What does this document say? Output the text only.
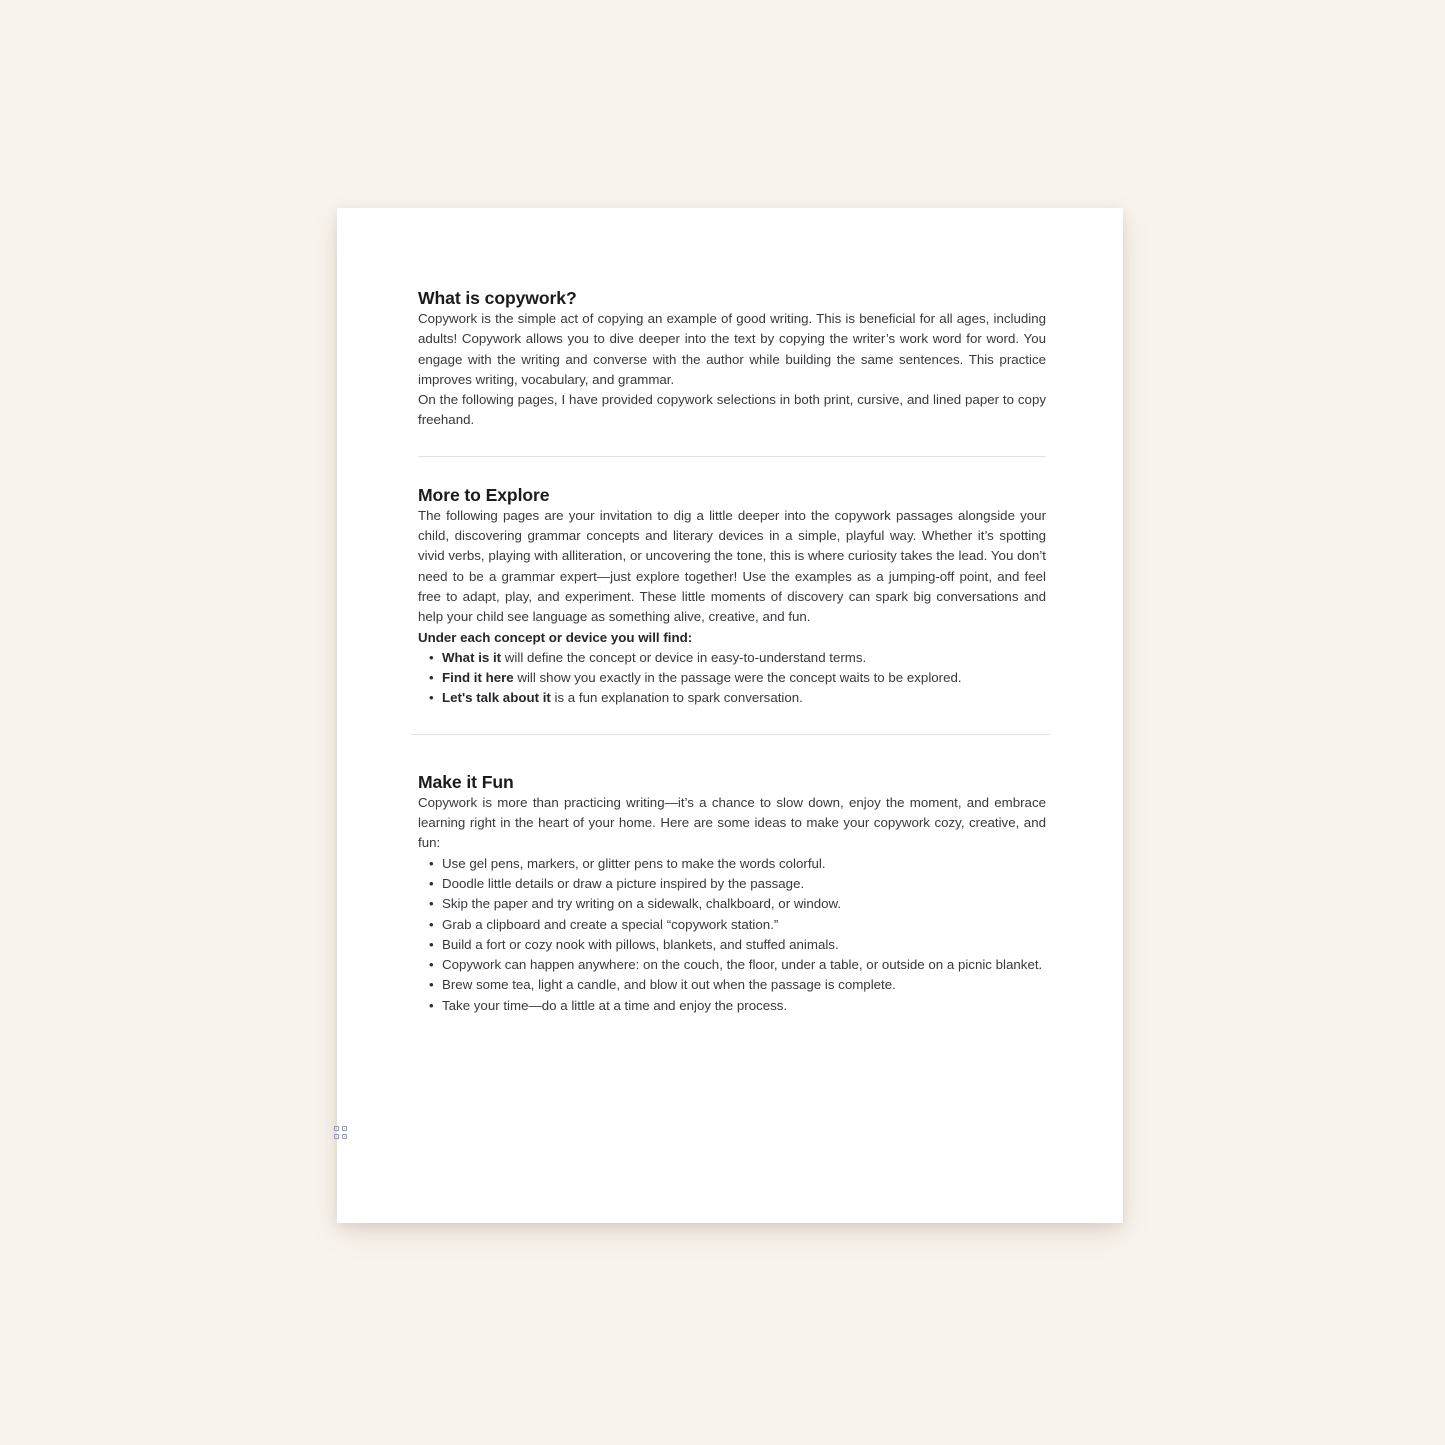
What is copywork?

Copywork is the simple act of copying an example of good writing. This is beneficial for all ages, including adults! Copywork allows you to dive deeper into the text by copying the writer’s work word for word. You engage with the writing and converse with the author while building the same sentences. This practice improves writing, vocabulary, and grammar.

On the following pages, I have provided copywork selections in both print, cursive, and lined paper to copy freehand.

More to Explore

The following pages are your invitation to dig a little deeper into the copywork passages alongside your child, discovering grammar concepts and literary devices in a simple, playful way. Whether it’s spotting vivid verbs, playing with alliteration, or uncovering the tone, this is where curiosity takes the lead. You don’t need to be a grammar expert—just explore together! Use the examples as a jumping-off point, and feel free to adapt, play, and experiment. These little moments of discovery can spark big conversations and help your child see language as something alive, creative, and fun.

Under each concept or device you will find:

• What is it will define the concept or device in easy-to-understand terms.
• Find it here will show you exactly in the passage were the concept waits to be explored.
• Let's talk about it is a fun explanation to spark conversation.
Make it Fun

Copywork is more than practicing writing—it’s a chance to slow down, enjoy the moment, and embrace learning right in the heart of your home. Here are some ideas to make your copywork cozy, creative, and fun:

• Use gel pens, markers, or glitter pens to make the words colorful.
• Doodle little details or draw a picture inspired by the passage.
• Skip the paper and try writing on a sidewalk, chalkboard, or window.
• Grab a clipboard and create a special “copywork station.”
• Build a fort or cozy nook with pillows, blankets, and stuffed animals.
• Copywork can happen anywhere: on the couch, the floor, under a table, or outside on a picnic blanket.
• Brew some tea, light a candle, and blow it out when the passage is complete.
• Take your time—do a little at a time and enjoy the process.
